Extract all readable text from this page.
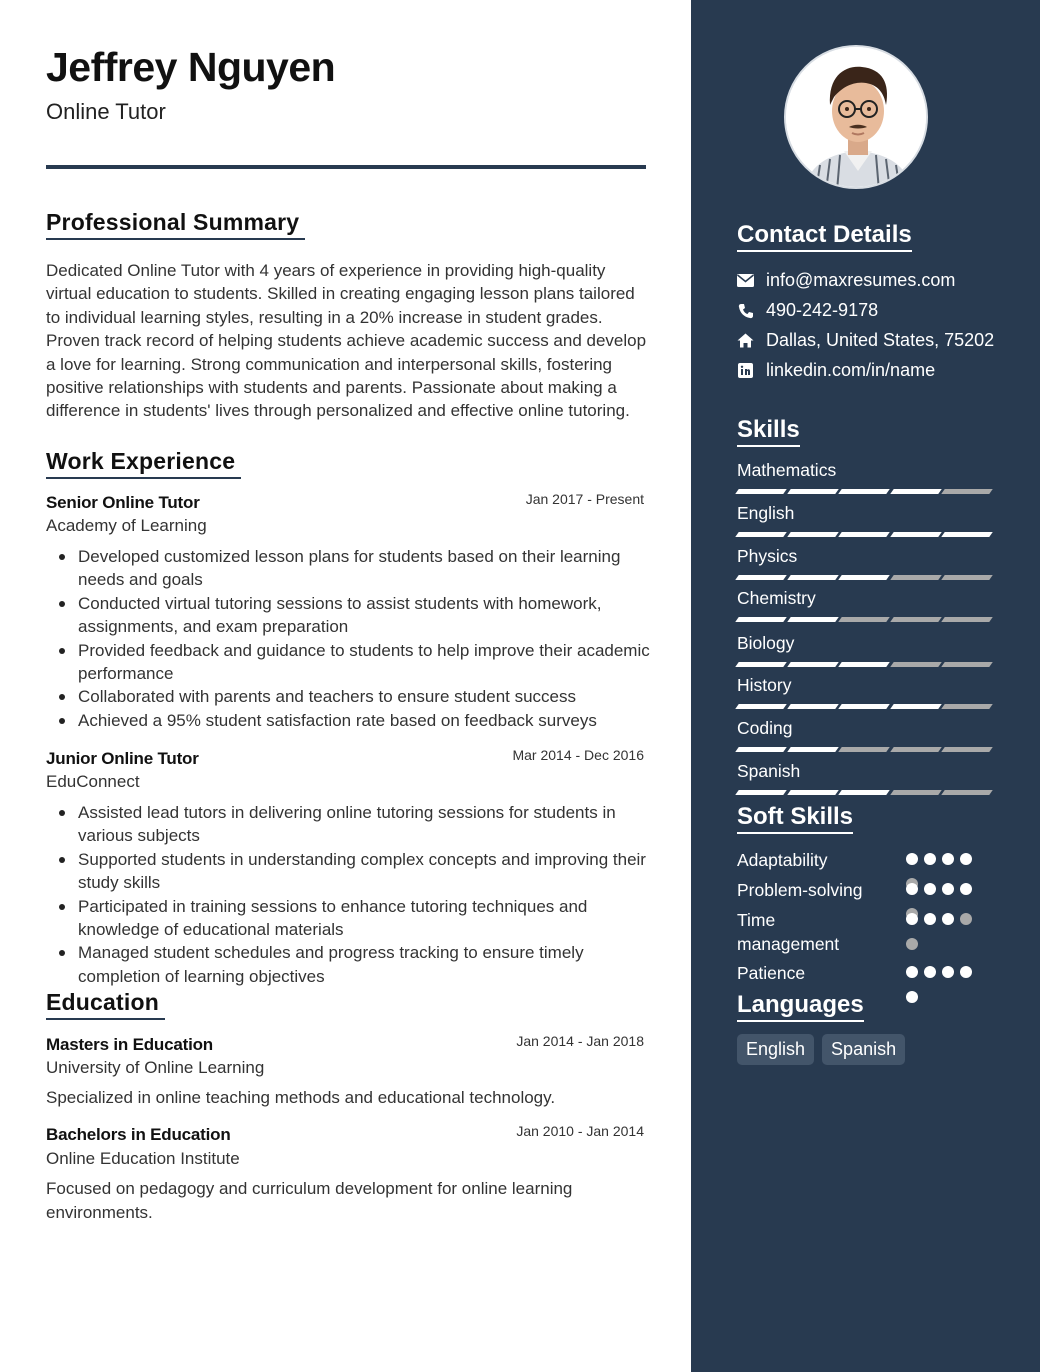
Jeffrey Nguyen
Online Tutor
Professional Summary
Dedicated Online Tutor with 4 years of experience in providing high-quality virtual education to students. Skilled in creating engaging lesson plans tailored to individual learning styles, resulting in a 20% increase in student grades. Proven track record of helping students achieve academic success and develop a love for learning. Strong communication and interpersonal skills, fostering positive relationships with students and parents. Passionate about making a difference in students' lives through personalized and effective online tutoring.
Work Experience
Senior Online Tutor	Jan 2017 - Present
Academy of Learning
Developed customized lesson plans for students based on their learning needs and goals
Conducted virtual tutoring sessions to assist students with homework, assignments, and exam preparation
Provided feedback and guidance to students to help improve their academic performance
Collaborated with parents and teachers to ensure student success
Achieved a 95% student satisfaction rate based on feedback surveys
Junior Online Tutor	Mar 2014 - Dec 2016
EduConnect
Assisted lead tutors in delivering online tutoring sessions for students in various subjects
Supported students in understanding complex concepts and improving their study skills
Participated in training sessions to enhance tutoring techniques and knowledge of educational materials
Managed student schedules and progress tracking to ensure timely completion of learning objectives
Education
Masters in Education	Jan 2014 - Jan 2018
University of Online Learning
Specialized in online teaching methods and educational technology.
Bachelors in Education	Jan 2010 - Jan 2014
Online Education Institute
Focused on pedagogy and curriculum development for online learning environments.
Contact Details
info@maxresumes.com
490-242-9178
Dallas, United States, 75202
linkedin.com/in/name
Skills
Mathematics
English
Physics
Chemistry
Biology
History
Coding
Spanish
Soft Skills
Adaptability
Problem-solving
Time management
Patience
Languages
English	Spanish
